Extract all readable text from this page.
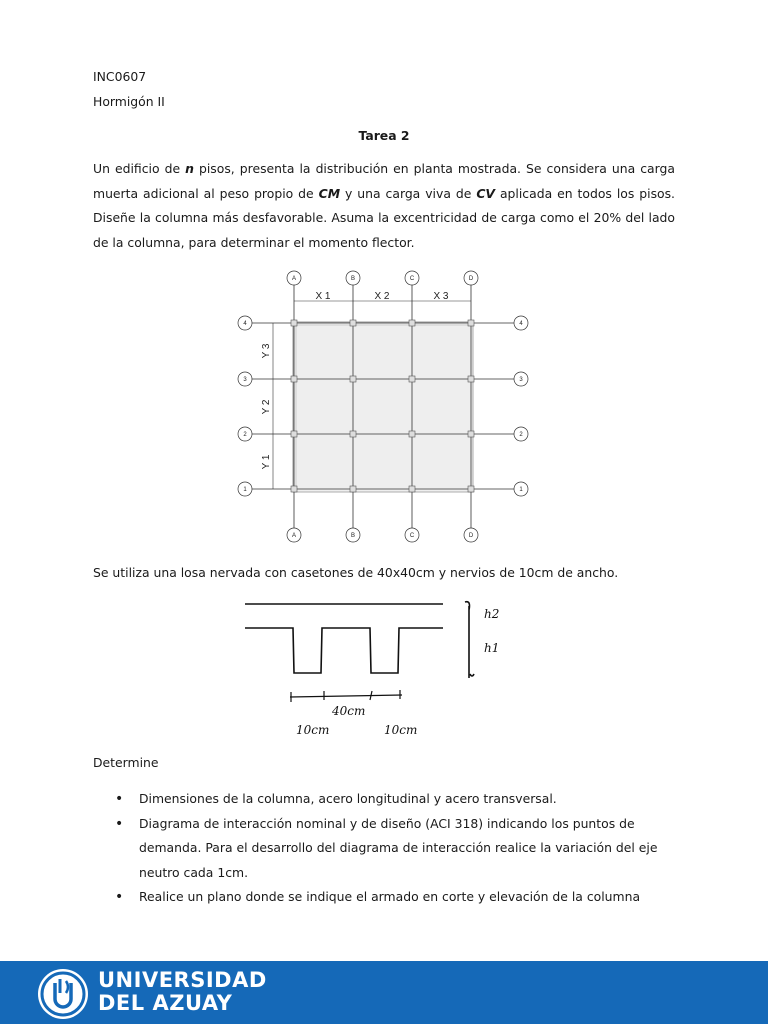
INC0607
Hormigón II
Tarea 2
Un edificio de n pisos, presenta la distribución en planta mostrada. Se considera una carga muerta adicional al peso propio de CM y una carga viva de CV aplicada en todos los pisos. Diseñe la columna más desfavorable. Asuma la excentricidad de carga como el 20% del lado de la columna, para determinar el momento flector.
Se utiliza una losa nervada con casetones de 40x40cm y nervios de 10cm de ancho.
Determine
• Dimensiones de la columna, acero longitudinal y acero transversal.
• Diagrama de interacción nominal y de diseño (ACI 318) indicando los puntos de demanda. Para el desarrollo del diagrama de interacción realice la variación del eje neutro cada 1cm.
• Realice un plano donde se indique el armado en corte y elevación de la columna
A	B	C	D
A	B	C	D
4
3
2
1
4
3
2
1
X 1	X 2	X 3
Y 3
Y 2
Y 1
h2
h1
40cm
10cm	10cm
UNIVERSIDAD
DEL AZUAY
